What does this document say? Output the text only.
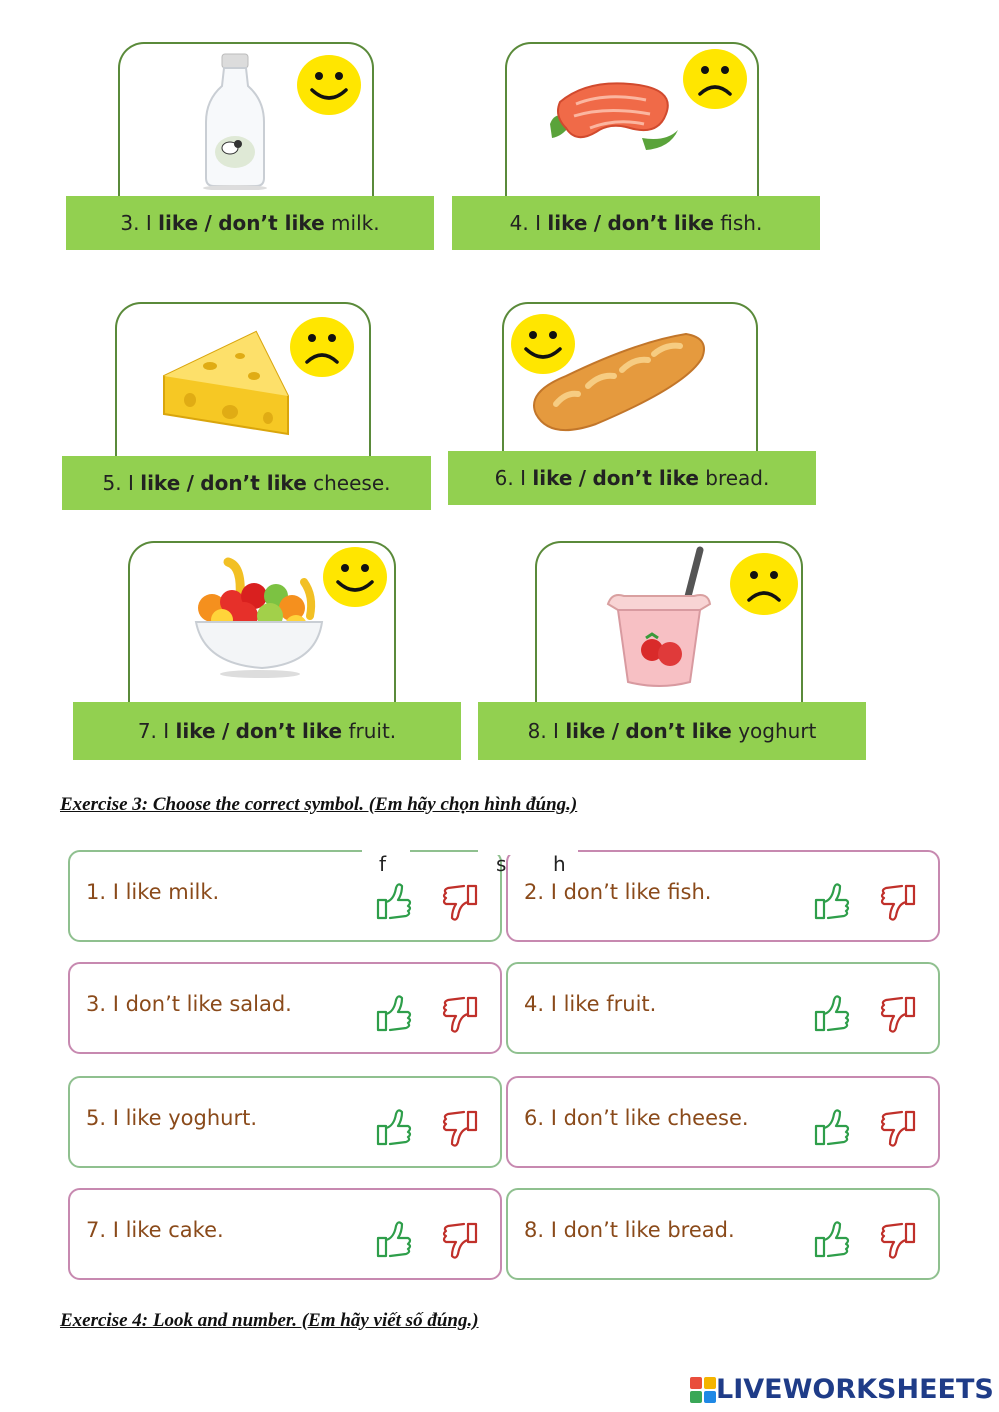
3.
I
like
/
don’t like
milk.	4.
I
like
/
don’t like
fish.
5.
I
like
/
don’t like
cheese.	6.
I
like
/
don’t like
bread.
7.
I
like
/
don’t like
fruit.	8.
I
like
/
don’t like
yoghurt
Exercise 3: Choose the correct symbol. (Em hãy chọn hình đúng.)
1. I like milk.	2. I don’t like fish.
3. I don’t like salad.	4. I like fruit.
5. I like yoghurt.	6. I don’t like cheese.
7. I like cake.	8. I don’t like bread.
f	s h
Exercise 4: Look and number. (Em hãy viết số đúng.)
LIVEWORKSHEETS
